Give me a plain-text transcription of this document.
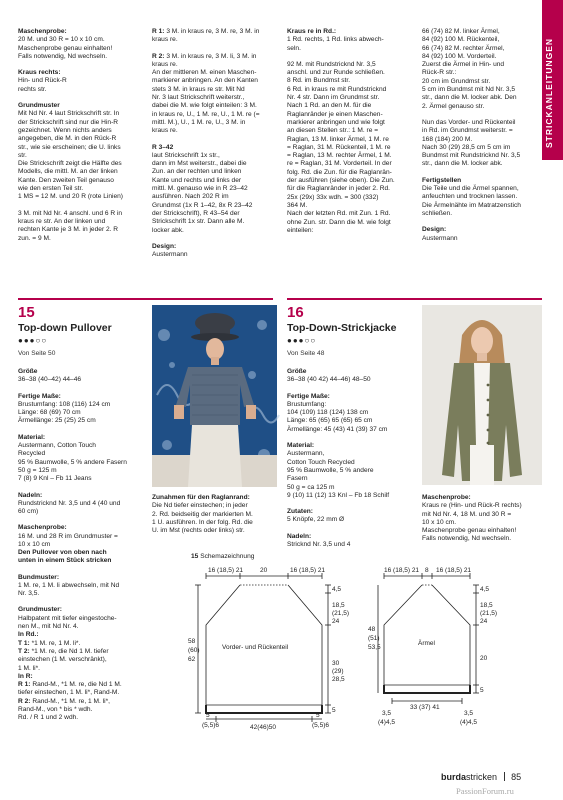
STRICKANLEITUNGEN

Maschenprobe:
20 M. und 30 R = 10 x 10 cm.
Maschenprobe genau einhalten!
Falls notwendig, Nd wechseln.

Kraus rechts:
Hin- und Rück-R
rechts str.

Grundmuster
Mit Nd Nr. 4 laut Strickschrift str. In
der Strickschrift sind nur die Hin-R
gezeichnet. Wenn nichts anders
angegeben, die M. in den Rück-R
str., wie sie erscheinen; die U. links
str.
Die Strickschrift zeigt die Hälfte des
Modells, die mittl. M. an der linken
Kante. Den zweiten Teil genauso
wie den ersten Teil str.
1 MS = 12 M. und 20 R (rote Linien)

3 M. mit Nd Nr. 4 anschl. und 6 R in
kraus re str. An der linken und
rechten Kante je 3 M. in jeder 2. R
zun. = 9 M.

R 1: 3 M. in kraus re, 3 M. re, 3 M. in
kraus re.

R 2: 3 M. in kraus re, 3 M. li, 3 M. in
kraus re.
An der mittleren M. einen Maschen-
markierer anbringen. An den Kanten
stets 3 M. in kraus re str. Mit Nd
Nr. 3 laut Strickschrift weiterstr.,
dabei die M. wie folgt einteilen: 3 M.
in kraus re, U., 1 M. re, U., 1 M. re (=
mittl. M.), U., 1 M. re, U., 3 M. in
kraus re.

R 3–42
laut Strickschrift 1x str.,
dann im Mst weiterstr., dabei die
Zun. an der rechten und linken
Kante und rechts und links der
mittl. M. genauso wie in R 23–42
ausführen. Nach 202 R im
Grundmst (1x R 1–42, 8x R 23–42
der Strickschrift), R 43–54 der
Strickschrift 1x str. Dann alle M.
locker abk.

Design:
Austermann

Kraus re in Rd.:
1 Rd. rechts, 1 Rd. links abwech-
seln.

92 M. mit Rundstricknd Nr. 3,5
anschl. und zur Runde schließen.
8 Rd. im Bundmst str.
6 Rd. in kraus re mit Rundstricknd
Nr. 4 str. Dann im Grundmst str.
Nach 1 Rd. an den M. für die
Raglanränder je einen Maschen-
markierer anbringen und wie folgt
an diesen Stellen str.: 1 M. re =
Raglan, 13 M. linker Ärmel, 1 M. re
= Raglan, 31 M. Rückenteil, 1 M. re
= Raglan, 13 M. rechter Ärmel, 1 M.
re = Raglan, 31 M. Vorderteil. In der
folg. Rd. die Zun. für die Raglanrän-
der ausführen (siehe oben). Die Zun.
für die Raglanränder in jeder 2. Rd.
25x (29x) 33x wdh. = 300 (332)
364 M.
Nach der letzten Rd. mit Zun. 1 Rd.
ohne Zun. str. Dann die M. wie folgt
einteilen:

66 (74) 82 M. linker Ärmel,
84 (92) 100 M. Rückenteil,
66 (74) 82 M. rechter Ärmel,
84 (92) 100 M. Vorderteil.
Zuerst die Ärmel in Hin- und
Rück-R str.:
20 cm im Grundmst str.
5 cm im Bundmst mit Nd Nr. 3,5
str., dann die M. locker abk. Den
2. Ärmel genauso str.

Nun das Vorder- und Rückenteil
in Rd. im Grundmst weiterstr. =
168 (184) 200 M.
Nach 30 (29) 28,5 cm 5 cm im
Bundmst mit Rundstricknd Nr. 3,5
str., dann die M. locker abk.

Fertigstellen
Die Teile und die Ärmel spannen,
anfeuchten und trocknen lassen.
Die Ärmelnähte im Matratzenstich
schließen.

Design:
Austermann

15
Top-down Pullover
●●●○○
Von Seite 50
16
Top-Down-Strickjacke
●●●○○
Von Seite 48

Größe
36–38 (40–42) 44–46

Fertige Maße:
Brustumfang: 108 (116) 124 cm
Länge: 68 (69) 70 cm
Ärmellänge: 25 (25) 25 cm

Material:
Austermann, Cotton Touch
Recycled
95 % Baumwolle, 5 % andere Fasern
50 g = 125 m
7 (8) 9 Knl – Fb 11 Jeans

Nadeln:
Rundstricknd Nr. 3,5 und 4 (40 und
60 cm)

Maschenprobe:
16 M. und 28 R im Grundmuster =
10 x 10 cm

Den Pullover von oben nach
unten in einem Stück stricken

Bundmuster:
1 M. re, 1 M. li abwechseln, mit Nd
Nr. 3,5.
Grundmuster:
Halbpatent mit tiefer eingestoche-
nen M., mit Nd Nr. 4.
In Rd.:
T 1: *1 M. re, 1 M. li*.
T 2: *1 M. re, die Nd 1 M. tiefer
einstechen (1 M. verschränkt),
1 M. li*.
In R:
R 1: Rand-M., *1 M. re, die Nd 1 M.
tiefer einstechen, 1 M. li*, Rand-M.
R 2: Rand-M., *1 M. re, 1 M. li*,
Rand-M., von * bis * wdh.
Rd. / R 1 und 2 wdh.

Zunahmen für den Raglanrand:
Die Nd tiefer einstechen; in jeder
2. Rd. beidseitig der markierten M.
1 U. ausführen. In der folg. Rd. die
U. im Mst (rechts oder links) str.

Größe
36–38 (40 42) 44–46) 48–50

Fertige Maße:
Brustumfang:
104 (109) 118 (124) 138 cm
Länge: 65 (65) 65 (65) 65 cm
Ärmellänge: 45 (43) 41 (39) 37 cm

Material:
Austermann,
Cotton Touch Recycled
95 % Baumwolle, 5 % andere
Fasern
50 g = ca 125 m
9 (10) 11 (12) 13 Knl – Fb 18 Schilf

Zutaten:
5 Knöpfe, 22 mm Ø

Nadeln:
Stricknd Nr. 3,5 und 4

Maschenprobe:
Kraus re (Hin- und Rück-R rechts)
mit Nd Nr. 4, 18 M. und 30 R =
10 x 10 cm.
Maschenprobe genau einhalten!
Falls notwendig, Nd wechseln.

15 Schemazeichnung
16 (18,5) 21	20	16 (18,5) 21
4,5
18,5
(21,5)
24
30
(29)
28,5
5
58
(60)
62
Vorder- und Rückenteil
5
(5,5)6	42(46)50
5
(5,5)6
16 (18,5) 21 8 16 (18,5) 21
4,5
18,5
(21,5)
24
20
5
48
(51)
53,5
Ärmel
33 (37) 41
3,5
(4)4,5
3,5
(4)4,5
burdastricken 85
PassionForum.ru
